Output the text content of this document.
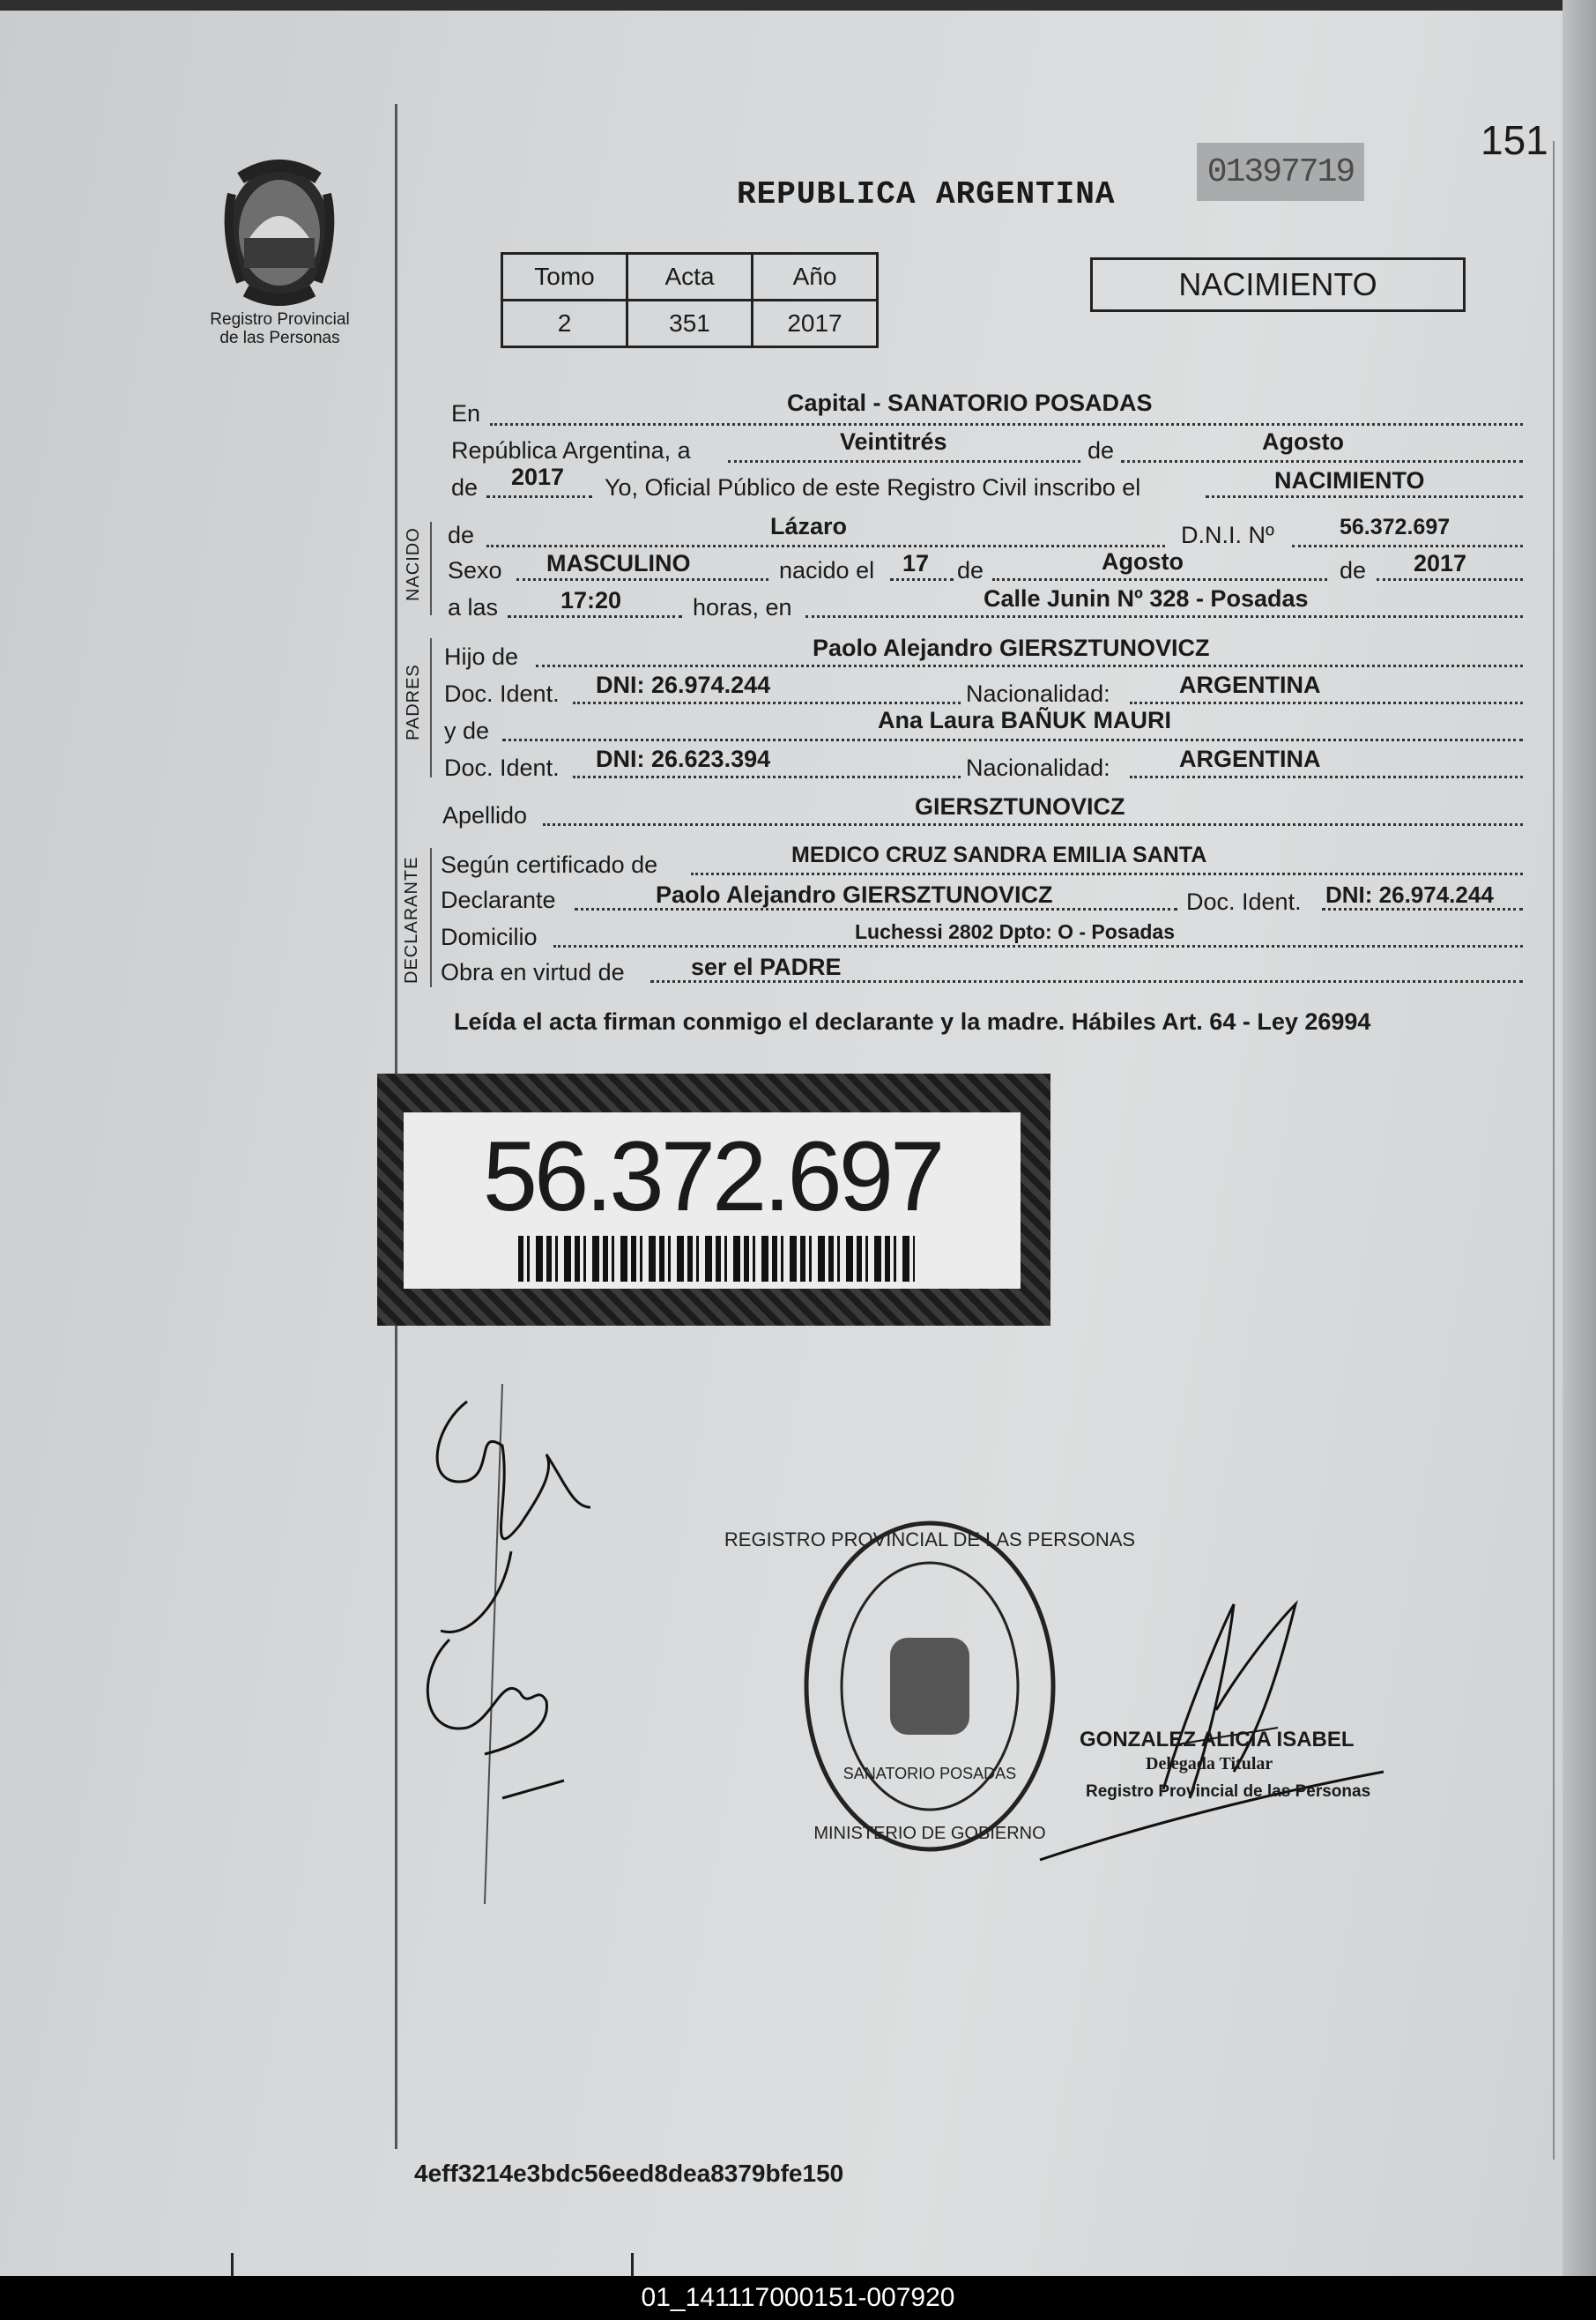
Registro Provincial
de las Personas
REPUBLICA ARGENTINA
01397719
151
Tomo	Acta	Año
2	351	2017
NACIMIENTO
En	Capital - SANATORIO POSADAS
República Argentina, a	Veintitrés	de	Agosto
de 2017 Yo, Oficial Público de este Registro Civil inscribo el	NACIMIENTO
NACIDO de	Lázaro	D.N.I. Nº	56.372.697
Sexo MASCULINO	nacido el 17 de	Agosto	de 2017
a las	17:20	horas, en	Calle Junin Nº 328 - Posadas
PADRES
Hijo de	Paolo Alejandro GIERSZTUNOVICZ
Doc. Ident. DNI: 26.974.244	Nacionalidad:	ARGENTINA
y de	Ana Laura BAÑUK MAURI
Doc. Ident. DNI: 26.623.394	Nacionalidad:	ARGENTINA
Apellido	GIERSZTUNOVICZ
DECLARANTE Según certificado de	MEDICO CRUZ SANDRA EMILIA SANTA
Declarante	Paolo Alejandro GIERSZTUNOVICZ	Doc. Ident. DNI: 26.974.244
Domicilio	Luchessi 2802 Dpto: O - Posadas
Obra en virtud de	ser el PADRE
Leída el acta firman conmigo el declarante y la madre. Hábiles Art. 64 - Ley 26994
56.372.697
REGISTRO PROVINCIAL DE LAS PERSONAS
SANATORIO POSADAS
MINISTERIO DE GOBIERNO
GONZALEZ ALICIA ISABEL
Delegada Titular
Registro Provincial de las Personas
4eff3214e3bdc56eed8dea8379bfe150
01_141117000151-007920
